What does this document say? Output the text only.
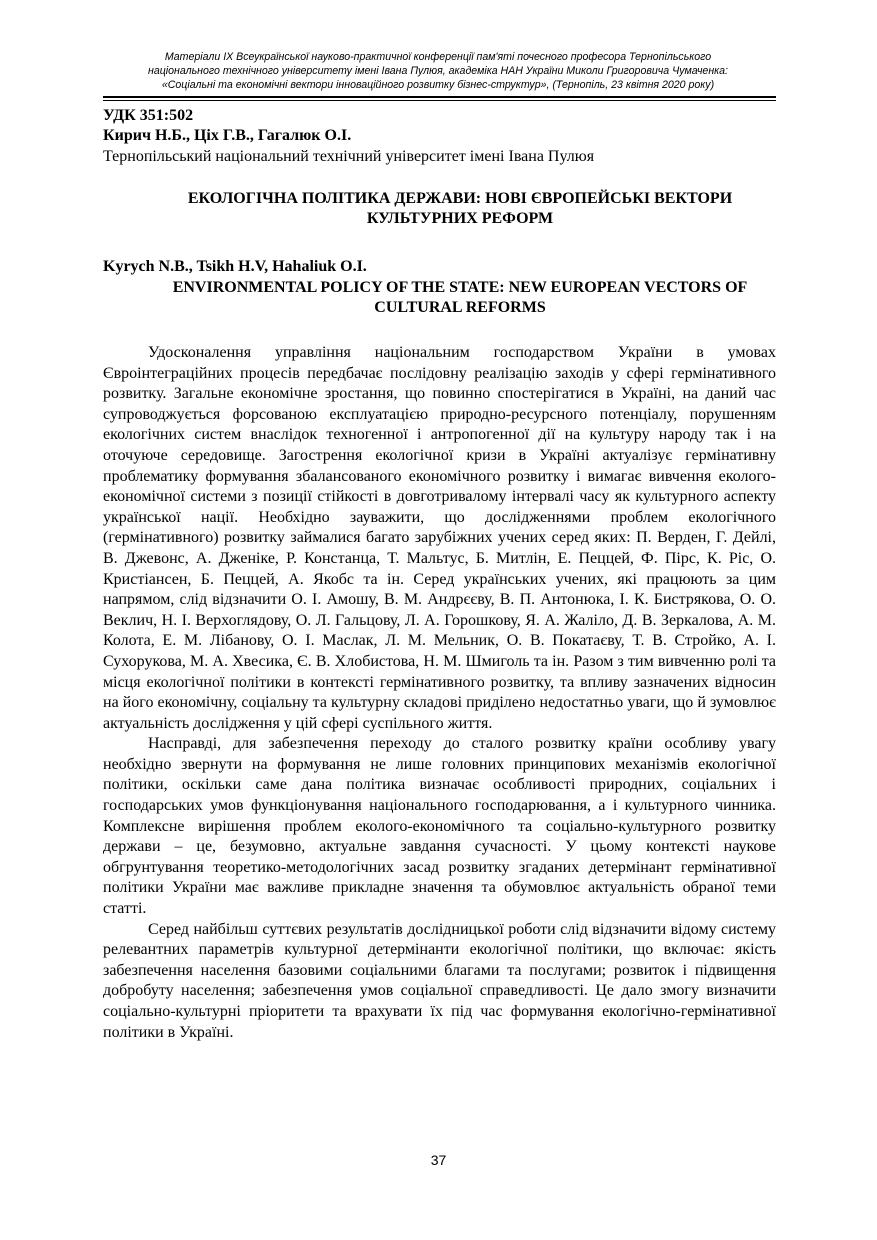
Матеріали IX Всеукраїнської науково-практичної конференції пам'яті почесного професора Тернопільського
національного технічного університету імені Івана Пулюя, академіка НАН України Миколи Григоровича Чумаченка:
«Соціальні та економічні вектори інноваційного розвитку бізнес-структур», (Тернопіль, 23 квітня 2020 року)
УДК 351:502
Кирич Н.Б., Ціх Г.В., Гагалюк О.І.
Тернопільський національний технічний університет імені Івана Пулюя
ЕКОЛОГІЧНА ПОЛІТИКА ДЕРЖАВИ: НОВІ ЄВРОПЕЙСЬКІ ВЕКТОРИ КУЛЬТУРНИХ РЕФОРМ
Kyrych N.B., Tsikh H.V, Hahaliuk O.I.
ENVIRONMENTAL POLICY OF THE STATE: NEW EUROPEAN VECTORS OF CULTURAL REFORMS

Удосконалення управління національним господарством України в умовах Євроінтеграційних процесів передбачає послідовну реалізацію заходів у сфері гермінативного розвитку. Загальне економічне зростання, що повинно спостерігатися в Україні, на даний час супроводжується форсованою експлуатацією природно-ресурсного потенціалу, порушенням екологічних систем внаслідок техногенної і антропогенної дії на культуру народу так і на оточуюче середовище. Загострення екологічної кризи в Україні актуалізує гермінативну проблематику формування збалансованого економічного розвитку і вимагає вивчення еколого-економічної системи з позиції стійкості в довготривалому інтервалі часу як культурного аспекту української нації. Необхідно зауважити, що дослідженнями проблем екологічного (гермінативного) розвитку займалися багато зарубіжних учених серед яких: П. Верден, Г. Дейлі, В. Джевонс, А. Дженіке, Р. Констанца, Т. Мальтус, Б. Митлін, Е. Пеццей, Ф. Пірс, К. Ріс, О. Кристіансен, Б. Пеццей, А. Якобс та ін. Серед українських учених, які працюють за цим напрямом, слід відзначити О. І. Амошу, В. М. Андрєєву, В. П. Антонюка, І. К. Бистрякова, О. О. Веклич, Н. І. Верхоглядову, О. Л. Гальцову, Л. А. Горошкову, Я. А. Жаліло, Д. В. Зеркалова, А. М. Колота, Е. М. Лібанову, О. І. Маслак, Л. М. Мельник, О. В. Покатаєву, Т. В. Стройко, А. І. Сухорукова, М. А. Хвесика, Є. В. Хлобистова, Н. М. Шмиголь та ін. Разом з тим вивченню ролі та місця екологічної політики в контексті гермінативного розвитку, та впливу зазначених відносин на його економічну, соціальну та культурну складові приділено недостатньо уваги, що й зумовлює актуальність дослідження у цій сфері суспільного життя.

Насправді, для забезпечення переходу до сталого розвитку країни особливу увагу необхідно звернути на формування не лише головних принципових механізмів екологічної політики, оскільки саме дана політика визначає особливості природних, соціальних і господарських умов функціонування національного господарювання, а і культурного чинника. Комплексне вирішення проблем еколого-економічного та соціально-культурного розвитку держави – це, безумовно, актуальне завдання сучасності. У цьому контексті наукове обгрунтування теоретико-методологічних засад розвитку згаданих детермінант гермінативної політики України має важливе прикладне значення та обумовлює актуальність обраної теми статті.

Серед найбільш суттєвих результатів дослідницької роботи слід відзначити відому систему релевантних параметрів культурної детермінанти екологічної політики, що включає: якість забезпечення населення базовими соціальними благами та послугами; розвиток і підвищення добробуту населення; забезпечення умов соціальної справедливості. Це дало змогу визначити соціально-культурні пріоритети та врахувати їх під час формування екологічно-гермінативної політики в Україні.

37
